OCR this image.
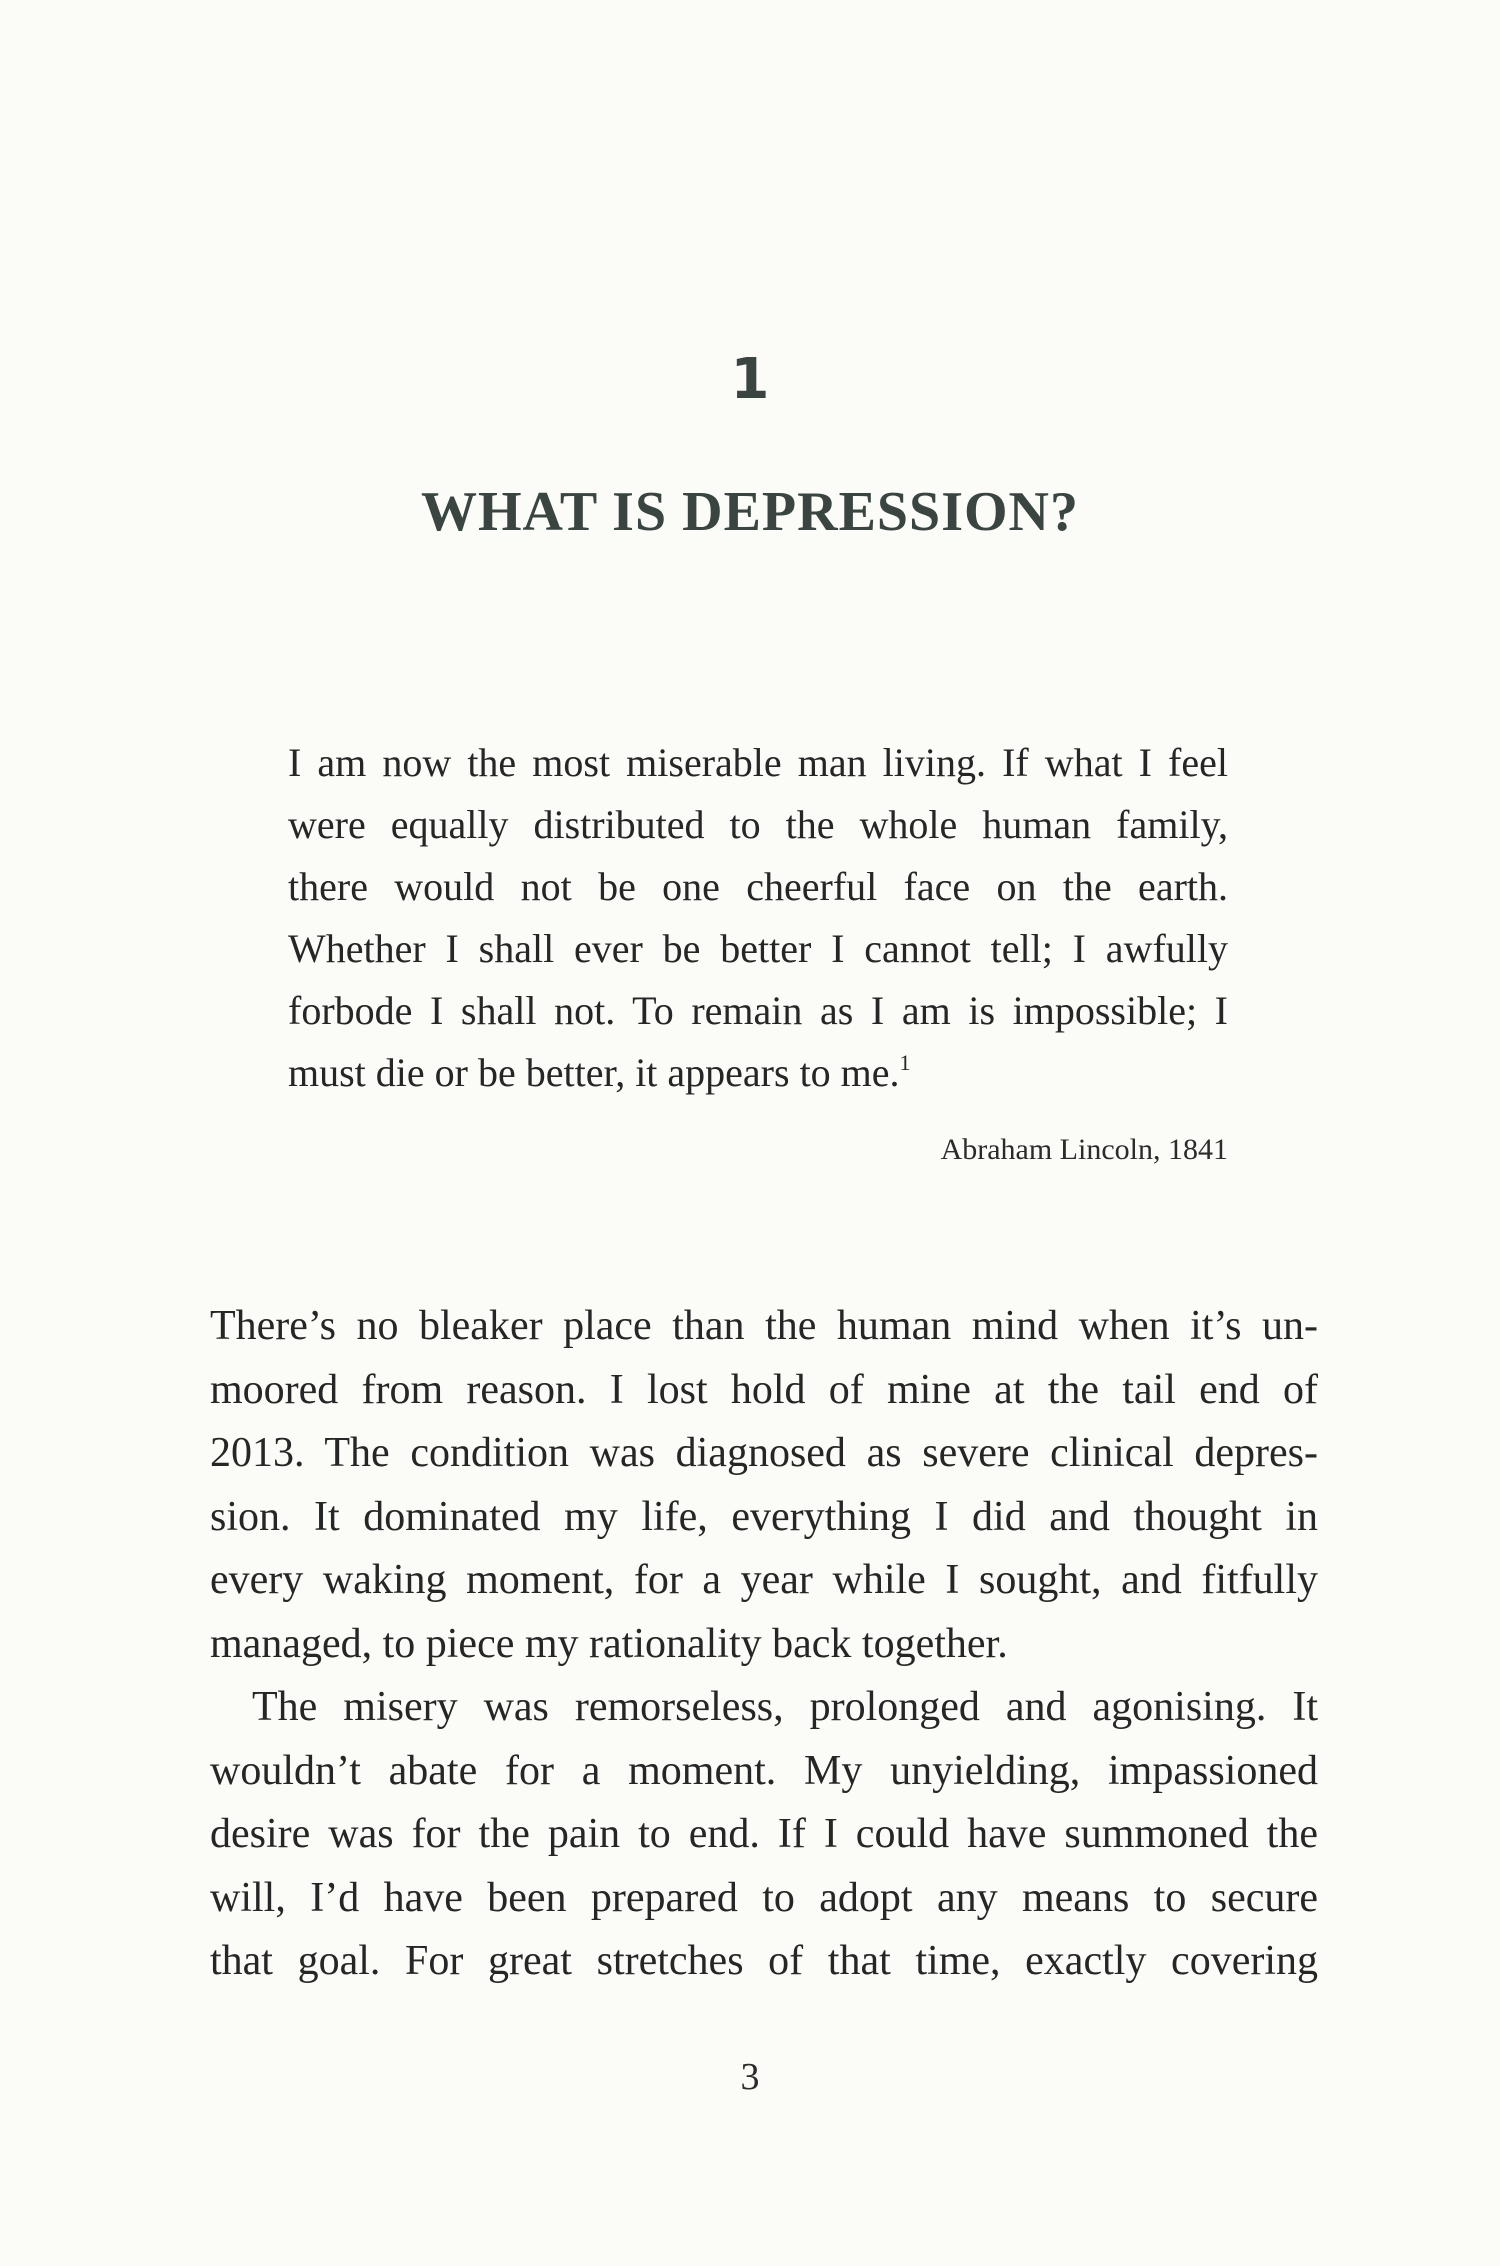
1
WHAT IS DEPRESSION?
I am now the most miserable man living. If what I feel
were equally distributed to the whole human family,
there would not be one cheerful face on the earth.
Whether I shall ever be better I cannot tell; I awfully
forbode I shall not. To remain as I am is impossible; I
must die or be better, it appears to me.$^1$
Abraham Lincoln, 1841
There’s no bleaker place than the human mind when it’s un-
moored from reason. I lost hold of mine at the tail end of
2013. The condition was diagnosed as severe clinical depres-
sion. It dominated my life, everything I did and thought in
every waking moment, for a year while I sought, and fitfully
managed, to piece my rationality back together.
The misery was remorseless, prolonged and agonising. It
wouldn’t abate for a moment. My unyielding, impassioned
desire was for the pain to end. If I could have summoned the
will, I’d have been prepared to adopt any means to secure
that goal. For great stretches of that time, exactly covering
3
